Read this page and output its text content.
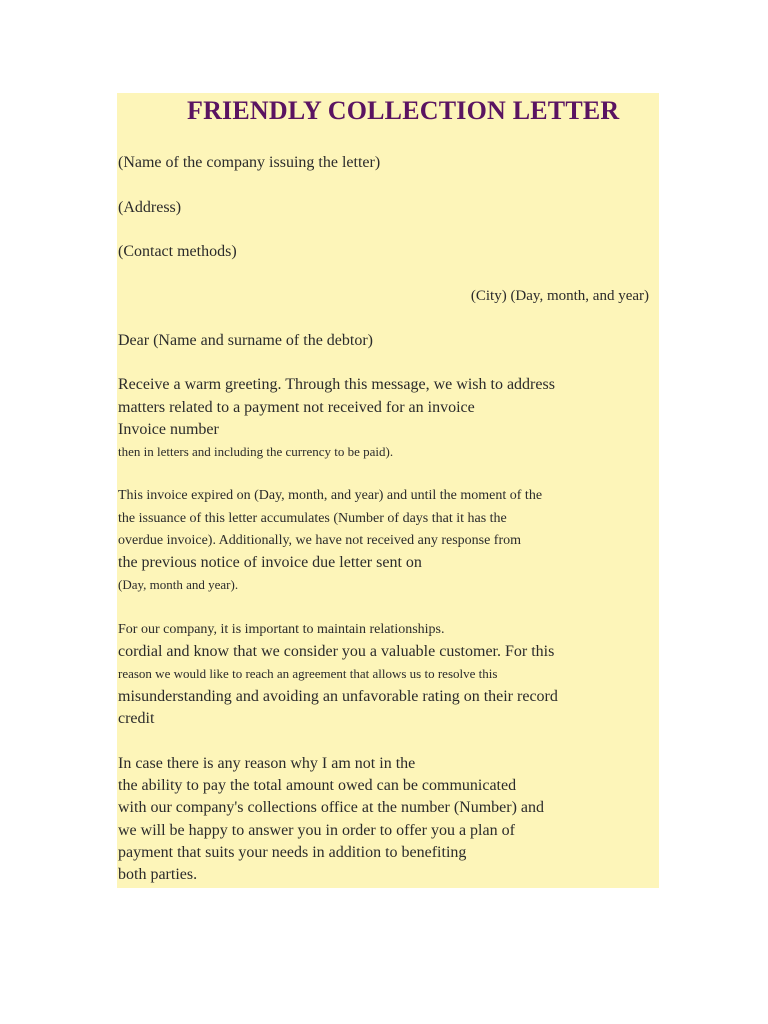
FRIENDLY COLLECTION LETTER

(Name of the company issuing the letter)

(Address)

(Contact methods)

(City) (Day, month, and year)

Dear (Name and surname of the debtor)

Receive a warm greeting. Through this message, we wish to address

matters related to a payment not received for an invoice

Invoice number

then in letters and including the currency to be paid).

This invoice expired on (Day, month, and year) and until the moment of the

the issuance of this letter accumulates (Number of days that it has the

overdue invoice). Additionally, we have not received any response from

the previous notice of invoice due letter sent on

(Day, month and year).

For our company, it is important to maintain relationships.

cordial and know that we consider you a valuable customer. For this

reason we would like to reach an agreement that allows us to resolve this

misunderstanding and avoiding an unfavorable rating on their record

credit

In case there is any reason why I am not in the

the ability to pay the total amount owed can be communicated

with our company's collections office at the number (Number) and

we will be happy to answer you in order to offer you a plan of

payment that suits your needs in addition to benefiting

both parties.
